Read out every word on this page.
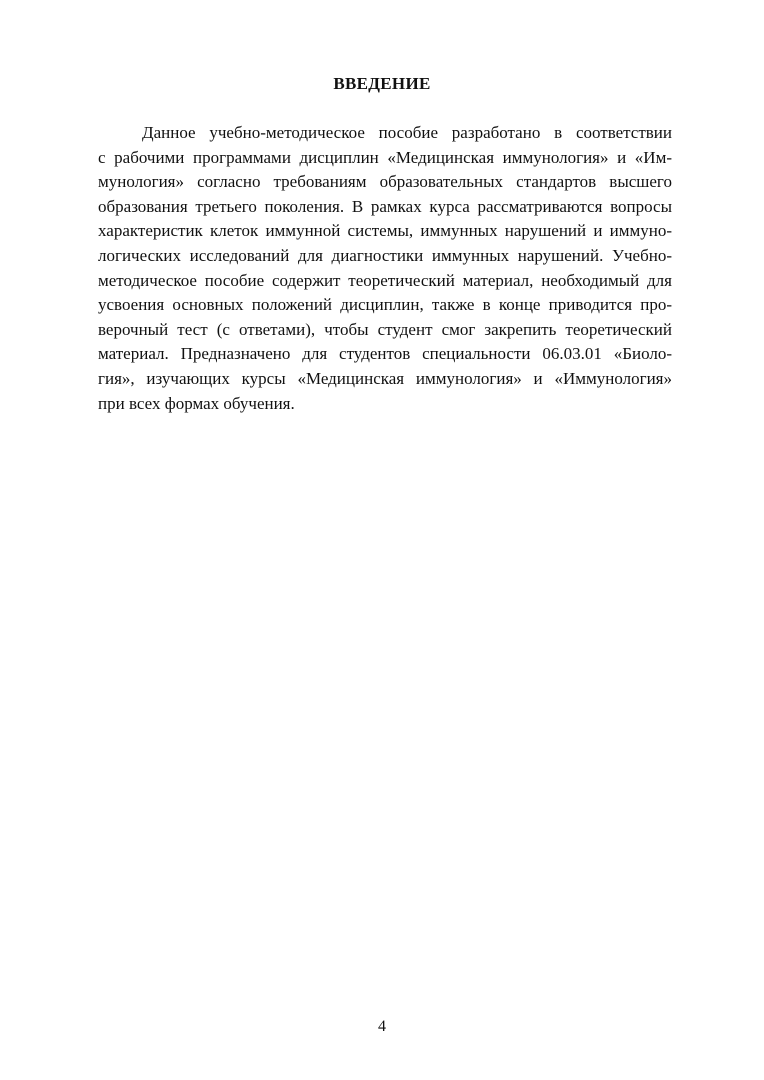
ВВЕДЕНИЕ
Данное учебно-методическое пособие разработано в соответствии
с рабочими программами дисциплин «Медицинская иммунология» и «Им-
мунология» согласно требованиям образовательных стандартов высшего
образования третьего поколения. В рамках курса рассматриваются вопросы
характеристик клеток иммунной системы, иммунных нарушений и иммуно-
логических исследований для диагностики иммунных нарушений. Учебно-
методическое пособие содержит теоретический материал, необходимый для
усвоения основных положений дисциплин, также в конце приводится про-
верочный тест (с ответами), чтобы студент смог закрепить теоретический
материал. Предназначено для студентов специальности 06.03.01 «Биоло-
гия», изучающих курсы «Медицинская иммунология» и «Иммунология»
при всех формах обучения.
4
